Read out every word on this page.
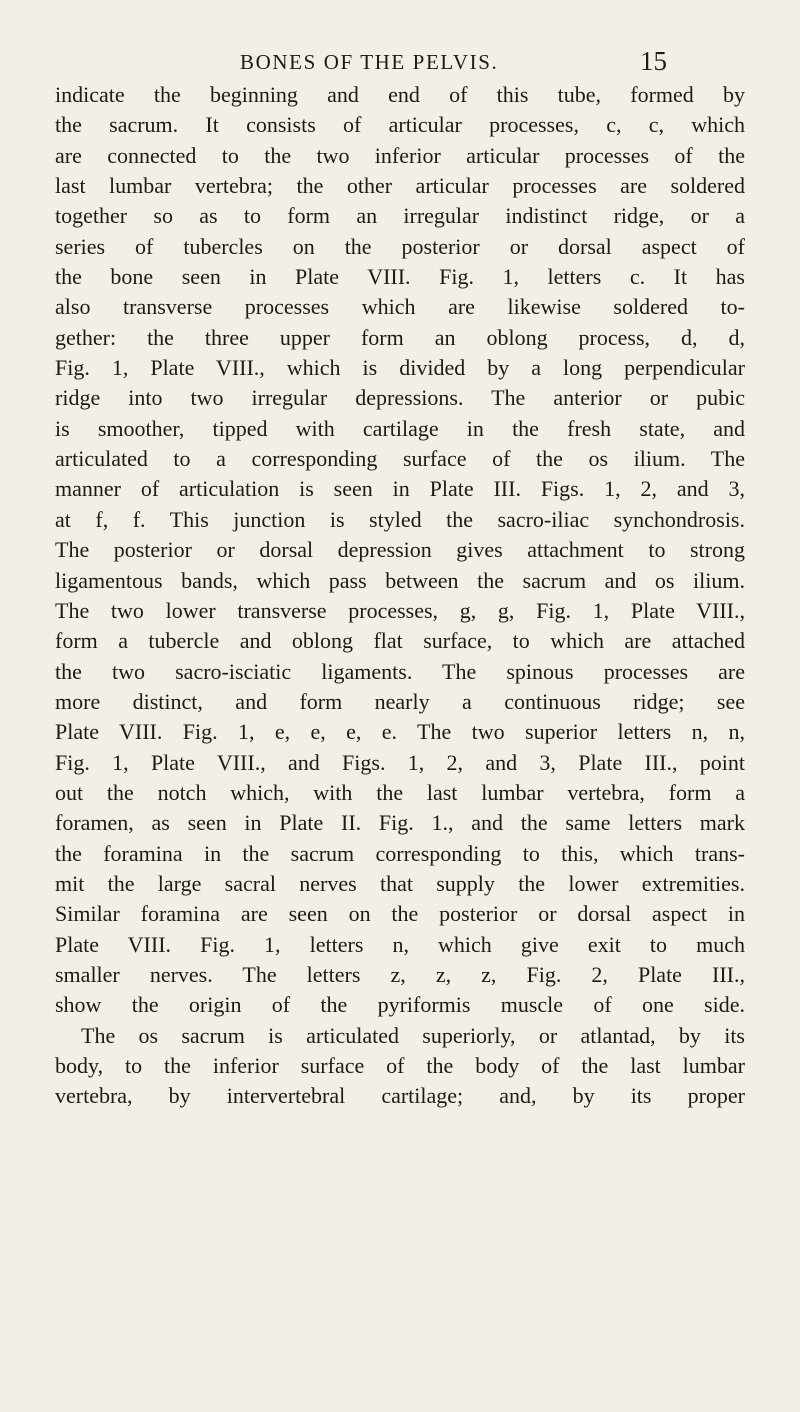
BONES OF THE PELVIS.	15
indicate the beginning and end of this tube, formed by
the sacrum. It consists of articular processes, c, c, which
are connected to the two inferior articular processes of the
last lumbar vertebra; the other articular processes are soldered
together so as to form an irregular indistinct ridge, or a
series of tubercles on the posterior or dorsal aspect of
the bone seen in Plate VIII. Fig. 1, letters c. It has
also transverse processes which are likewise soldered to-
gether: the three upper form an oblong process, d, d,
Fig. 1, Plate VIII., which is divided by a long perpendicular
ridge into two irregular depressions. The anterior or pubic
is smoother, tipped with cartilage in the fresh state, and
articulated to a corresponding surface of the os ilium. The
manner of articulation is seen in Plate III. Figs. 1, 2, and 3,
at f, f. This junction is styled the sacro-iliac synchondrosis.
The posterior or dorsal depression gives attachment to strong
ligamentous bands, which pass between the sacrum and os ilium.
The two lower transverse processes, g, g, Fig. 1, Plate VIII.,
form a tubercle and oblong flat surface, to which are attached
the two sacro-isciatic ligaments. The spinous processes are
more distinct, and form nearly a continuous ridge; see
Plate VIII. Fig. 1, e, e, e, e. The two superior letters n, n,
Fig. 1, Plate VIII., and Figs. 1, 2, and 3, Plate III., point
out the notch which, with the last lumbar vertebra, form a
foramen, as seen in Plate II. Fig. 1., and the same letters mark
the foramina in the sacrum corresponding to this, which trans-
mit the large sacral nerves that supply the lower extremities.
Similar foramina are seen on the posterior or dorsal aspect in
Plate VIII. Fig. 1, letters n, which give exit to much
smaller nerves. The letters z, z, z, Fig. 2, Plate III.,
show the origin of the pyriformis muscle of one side.
The os sacrum is articulated superiorly, or atlantad, by its
body, to the inferior surface of the body of the last lumbar
vertebra, by intervertebral cartilage; and, by its proper
